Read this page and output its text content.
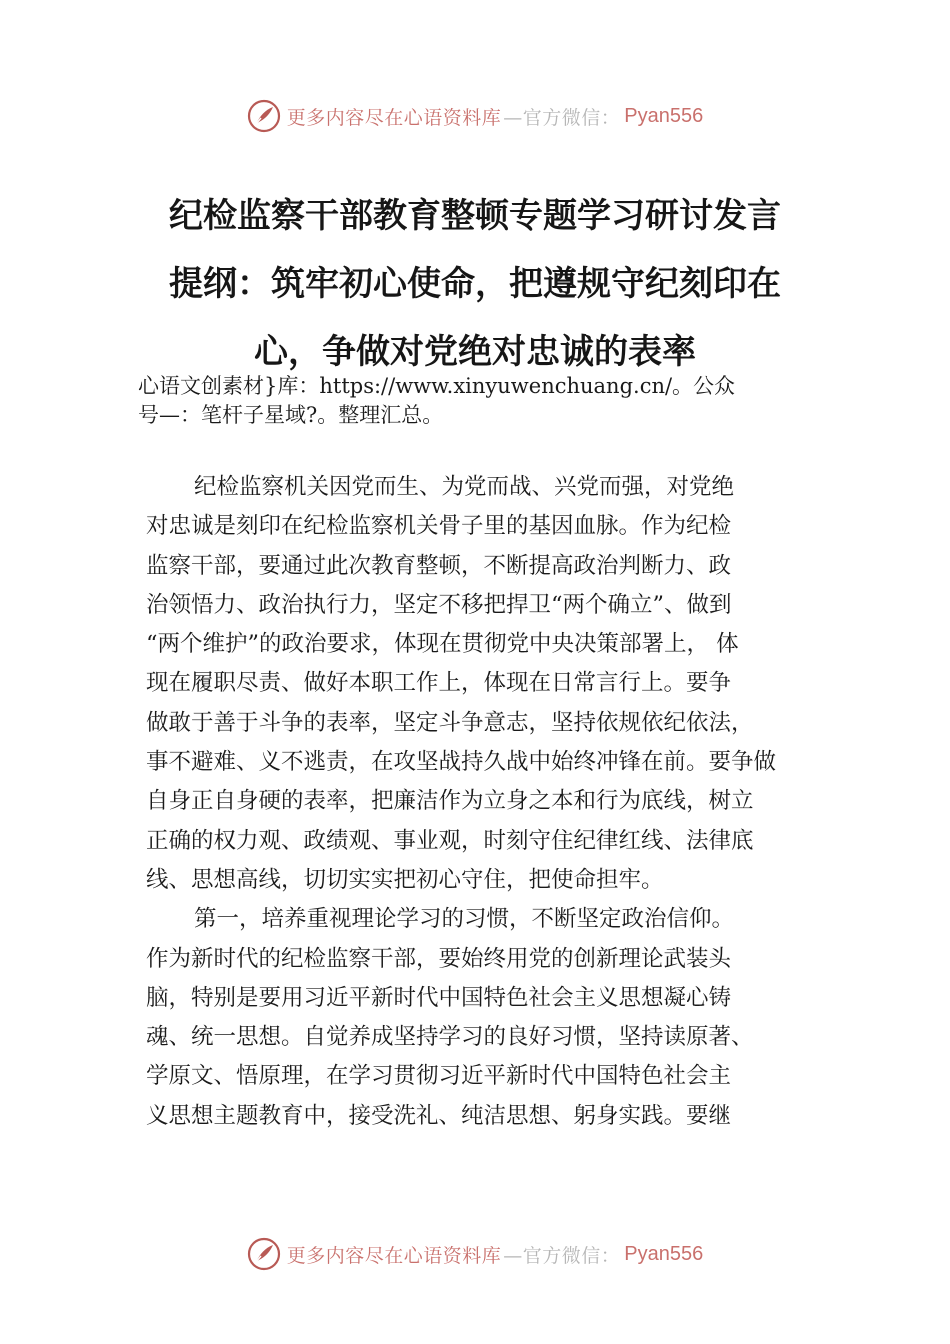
更多内容尽在心语资料库 —官方微信： Pyan556
纪检监察干部教育整顿专题学习研讨发言
提纲：筑牢初心使命，把遵规守纪刻印在
心，争做对党绝对忠诚的表率
心语文创素材}库：https://www.xinyuwenchuang.cn/。公众
号—：笔杆子星域?。整理汇总。
纪检监察机关因党而生、为党而战、兴党而强，对党绝
对忠诚是刻印在纪检监察机关骨子里的基因血脉。作为纪检
监察干部，要通过此次教育整顿，不断提高政治判断力、政
治领悟力、政治执行力，坚定不移把捍卫“两个确立”、做到
“两个维护”的政治要求，体现在贯彻党中央决策部署上， 体
现在履职尽责、做好本职工作上，体现在日常言行上。要争
做敢于善于斗争的表率，坚定斗争意志，坚持依规依纪依法，
事不避难、义不逃责，在攻坚战持久战中始终冲锋在前。要争做
自身正自身硬的表率，把廉洁作为立身之本和行为底线，树立
正确的权力观、政绩观、事业观，时刻守住纪律红线、法律底
线、思想高线，切切实实把初心守住，把使命担牢。
第一，培养重视理论学习的习惯，不断坚定政治信仰。
作为新时代的纪检监察干部，要始终用党的创新理论武装头
脑，特别是要用习近平新时代中国特色社会主义思想凝心铸
魂、统一思想。自觉养成坚持学习的良好习惯，坚持读原著、
学原文、悟原理，在学习贯彻习近平新时代中国特色社会主
义思想主题教育中，接受洗礼、纯洁思想、躬身实践。要继
更多内容尽在心语资料库 —官方微信： Pyan556
